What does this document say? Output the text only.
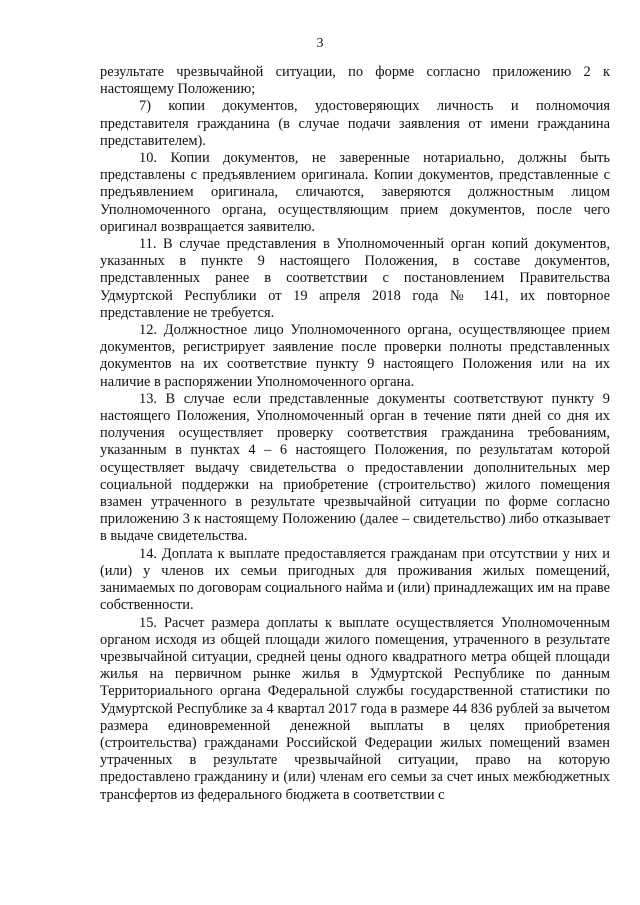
3

результате чрезвычайной ситуации, по форме согласно приложению 2 к настоящему Положению;

7) копии документов, удостоверяющих личность и полномочия представителя гражданина (в случае подачи заявления от имени гражданина представителем).

10. Копии документов, не заверенные нотариально, должны быть представлены с предъявлением оригинала. Копии документов, представленные с предъявлением оригинала, сличаются, заверяются должностным лицом Уполномоченного органа, осуществляющим прием документов, после чего оригинал возвращается заявителю.

11. В случае представления в Уполномоченный орган копий документов, указанных в пункте 9 настоящего Положения, в составе документов, представленных ранее в соответствии с постановлением Правительства Удмуртской Республики от 19 апреля 2018 года № 141, их повторное представление не требуется.

12. Должностное лицо Уполномоченного органа, осуществляющее прием документов, регистрирует заявление после проверки полноты представленных документов на их соответствие пункту 9 настоящего Положения или на их наличие в распоряжении Уполномоченного органа.

13. В случае если представленные документы соответствуют пункту 9 настоящего Положения, Уполномоченный орган в течение пяти дней со дня их получения осуществляет проверку соответствия гражданина требованиям, указанным в пунктах 4 – 6 настоящего Положения, по результатам которой осуществляет выдачу свидетельства о предоставлении дополнительных мер социальной поддержки на приобретение (строительство) жилого помещения взамен утраченного в результате чрезвычайной ситуации по форме согласно приложению 3 к настоящему Положению (далее – свидетельство) либо отказывает в выдаче свидетельства.

14. Доплата к выплате предоставляется гражданам при отсутствии у них и (или) у членов их семьи пригодных для проживания жилых помещений, занимаемых по договорам социального найма и (или) принадлежащих им на праве собственности.

15. Расчет размера доплаты к выплате осуществляется Уполномоченным органом исходя из общей площади жилого помещения, утраченного в результате чрезвычайной ситуации, средней цены одного квадратного метра общей площади жилья на первичном рынке жилья в Удмуртской Республике по данным Территориального органа Федеральной службы государственной статистики по Удмуртской Республике за 4 квартал 2017 года в размере 44 836 рублей за вычетом размера единовременной денежной выплаты в целях приобретения (строительства) гражданами Российской Федерации жилых помещений взамен утраченных в результате чрезвычайной ситуации, право на которую предоставлено гражданину и (или) членам его семьи за счет иных межбюджетных трансфертов из федерального бюджета в соответствии с
